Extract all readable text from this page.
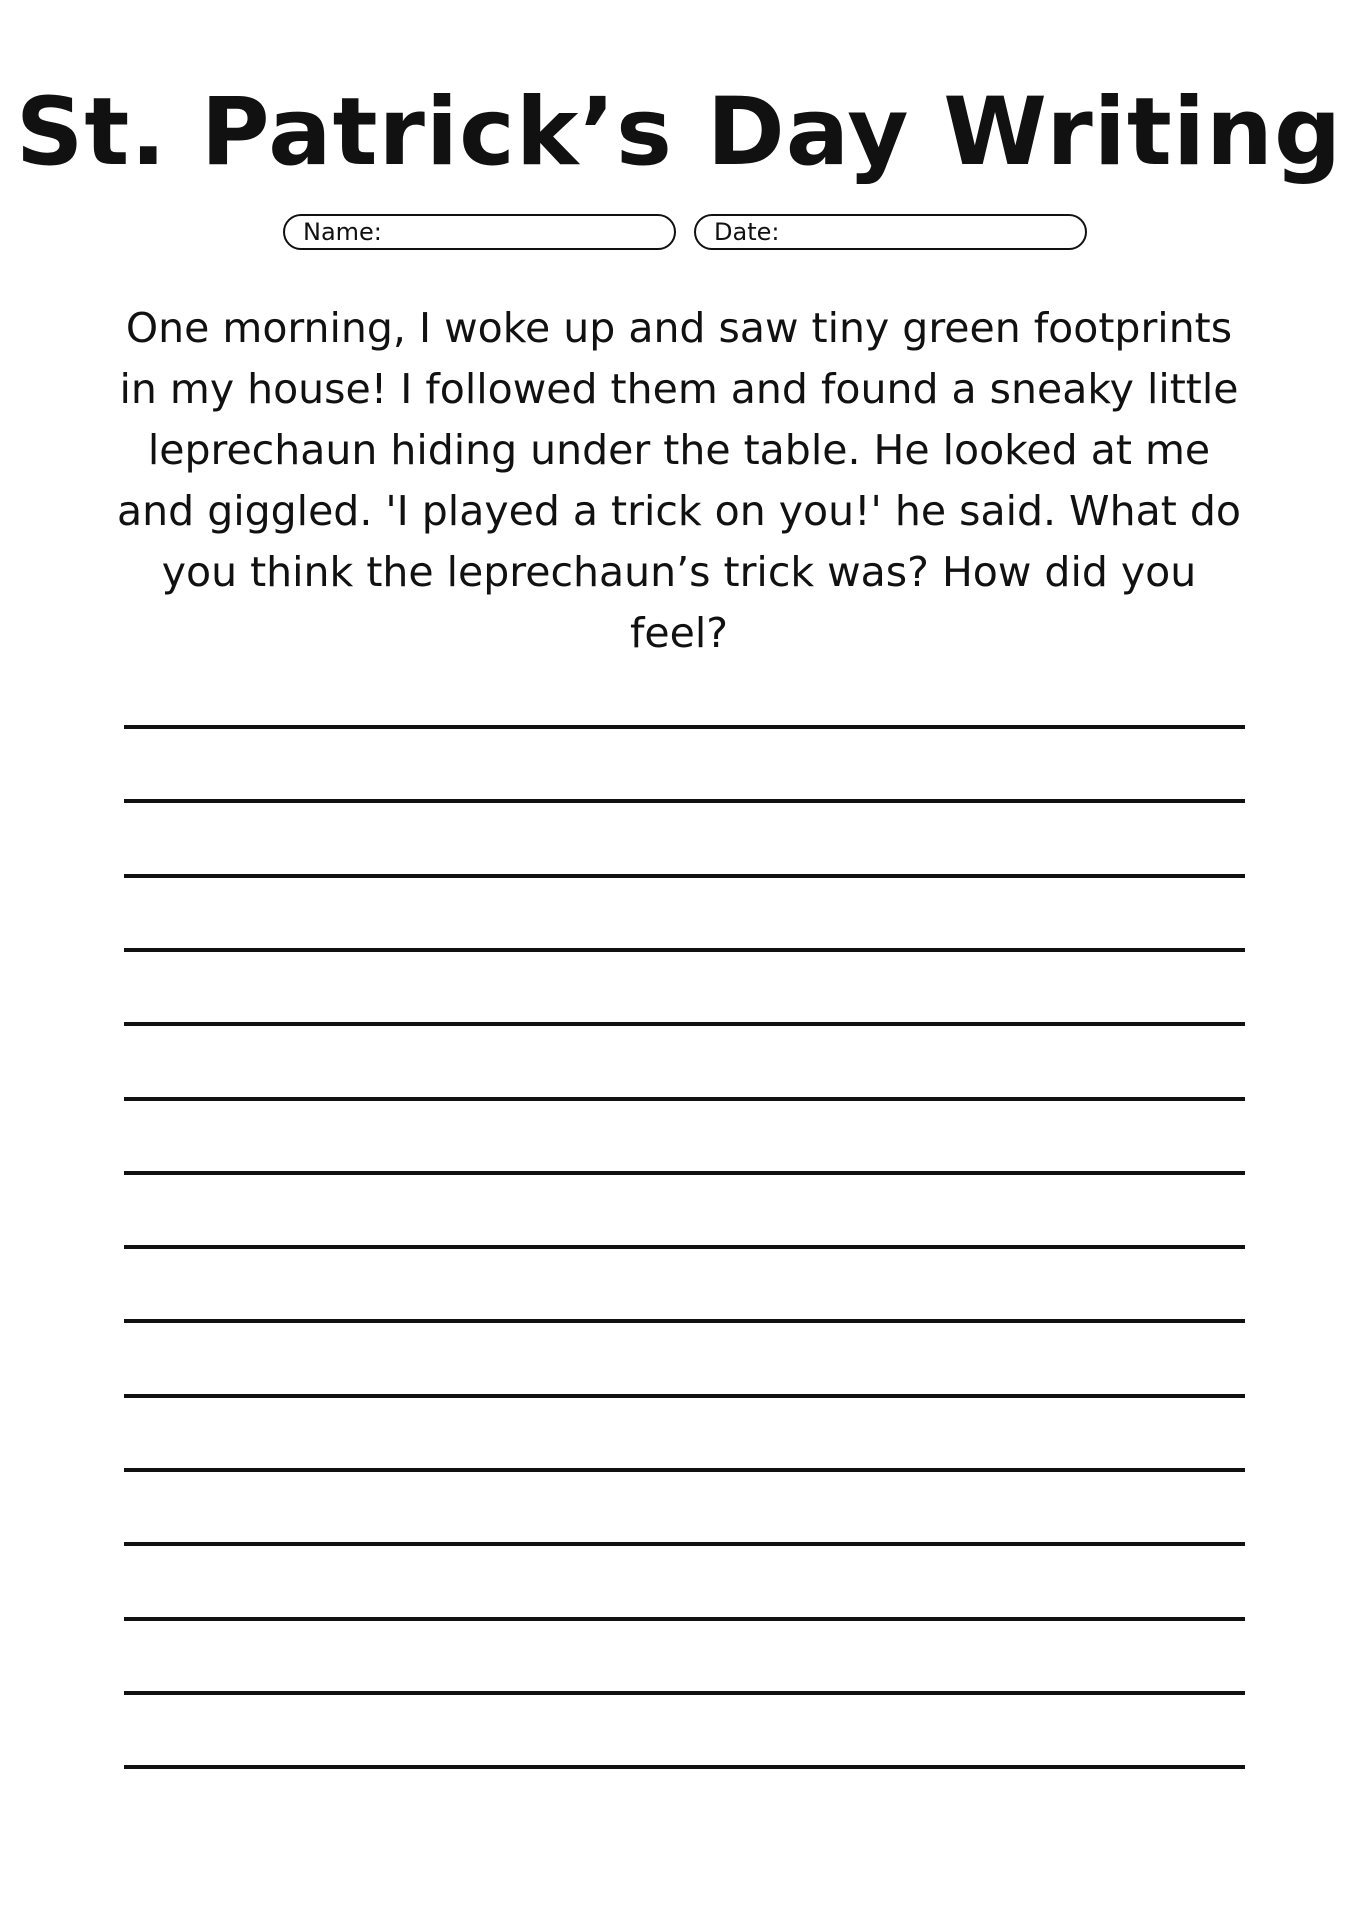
St. Patrick’s Day Writing
Name:	Date:
One morning, I woke up and saw tiny green footprints in my house! I followed them and found a sneaky little leprechaun hiding under the table. He looked at me and giggled. 'I played a trick on you!' he said. What do you think the leprechaun’s trick was? How did you feel?
